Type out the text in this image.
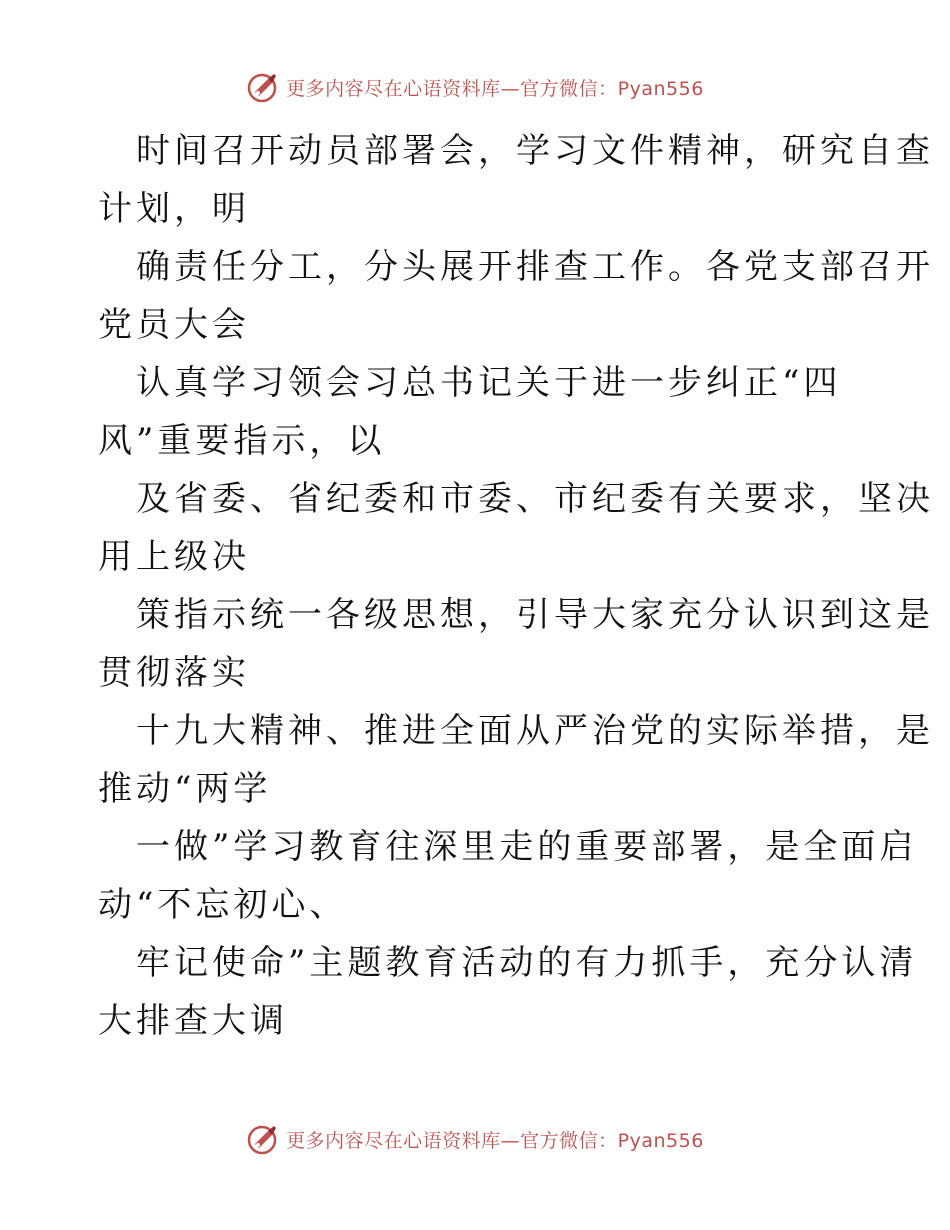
更多内容尽在心语资料库—官方微信：Pyan556
时间召开动员部署会，学习文件精神，研究自查
计划，明
确责任分工，分头展开排查工作。各党支部召开
党员大会
认真学习领会习总书记关于进一步纠正“四
风”重要指示，以
及省委、省纪委和市委、市纪委有关要求，坚决
用上级决
策指示统一各级思想，引导大家充分认识到这是
贯彻落实
十九大精神、推进全面从严治党的实际举措，是
推动“两学
一做”学习教育往深里走的重要部署，是全面启
动“不忘初心、
牢记使命”主题教育活动的有力抓手，充分认清
大排查大调
更多内容尽在心语资料库—官方微信：Pyan556
